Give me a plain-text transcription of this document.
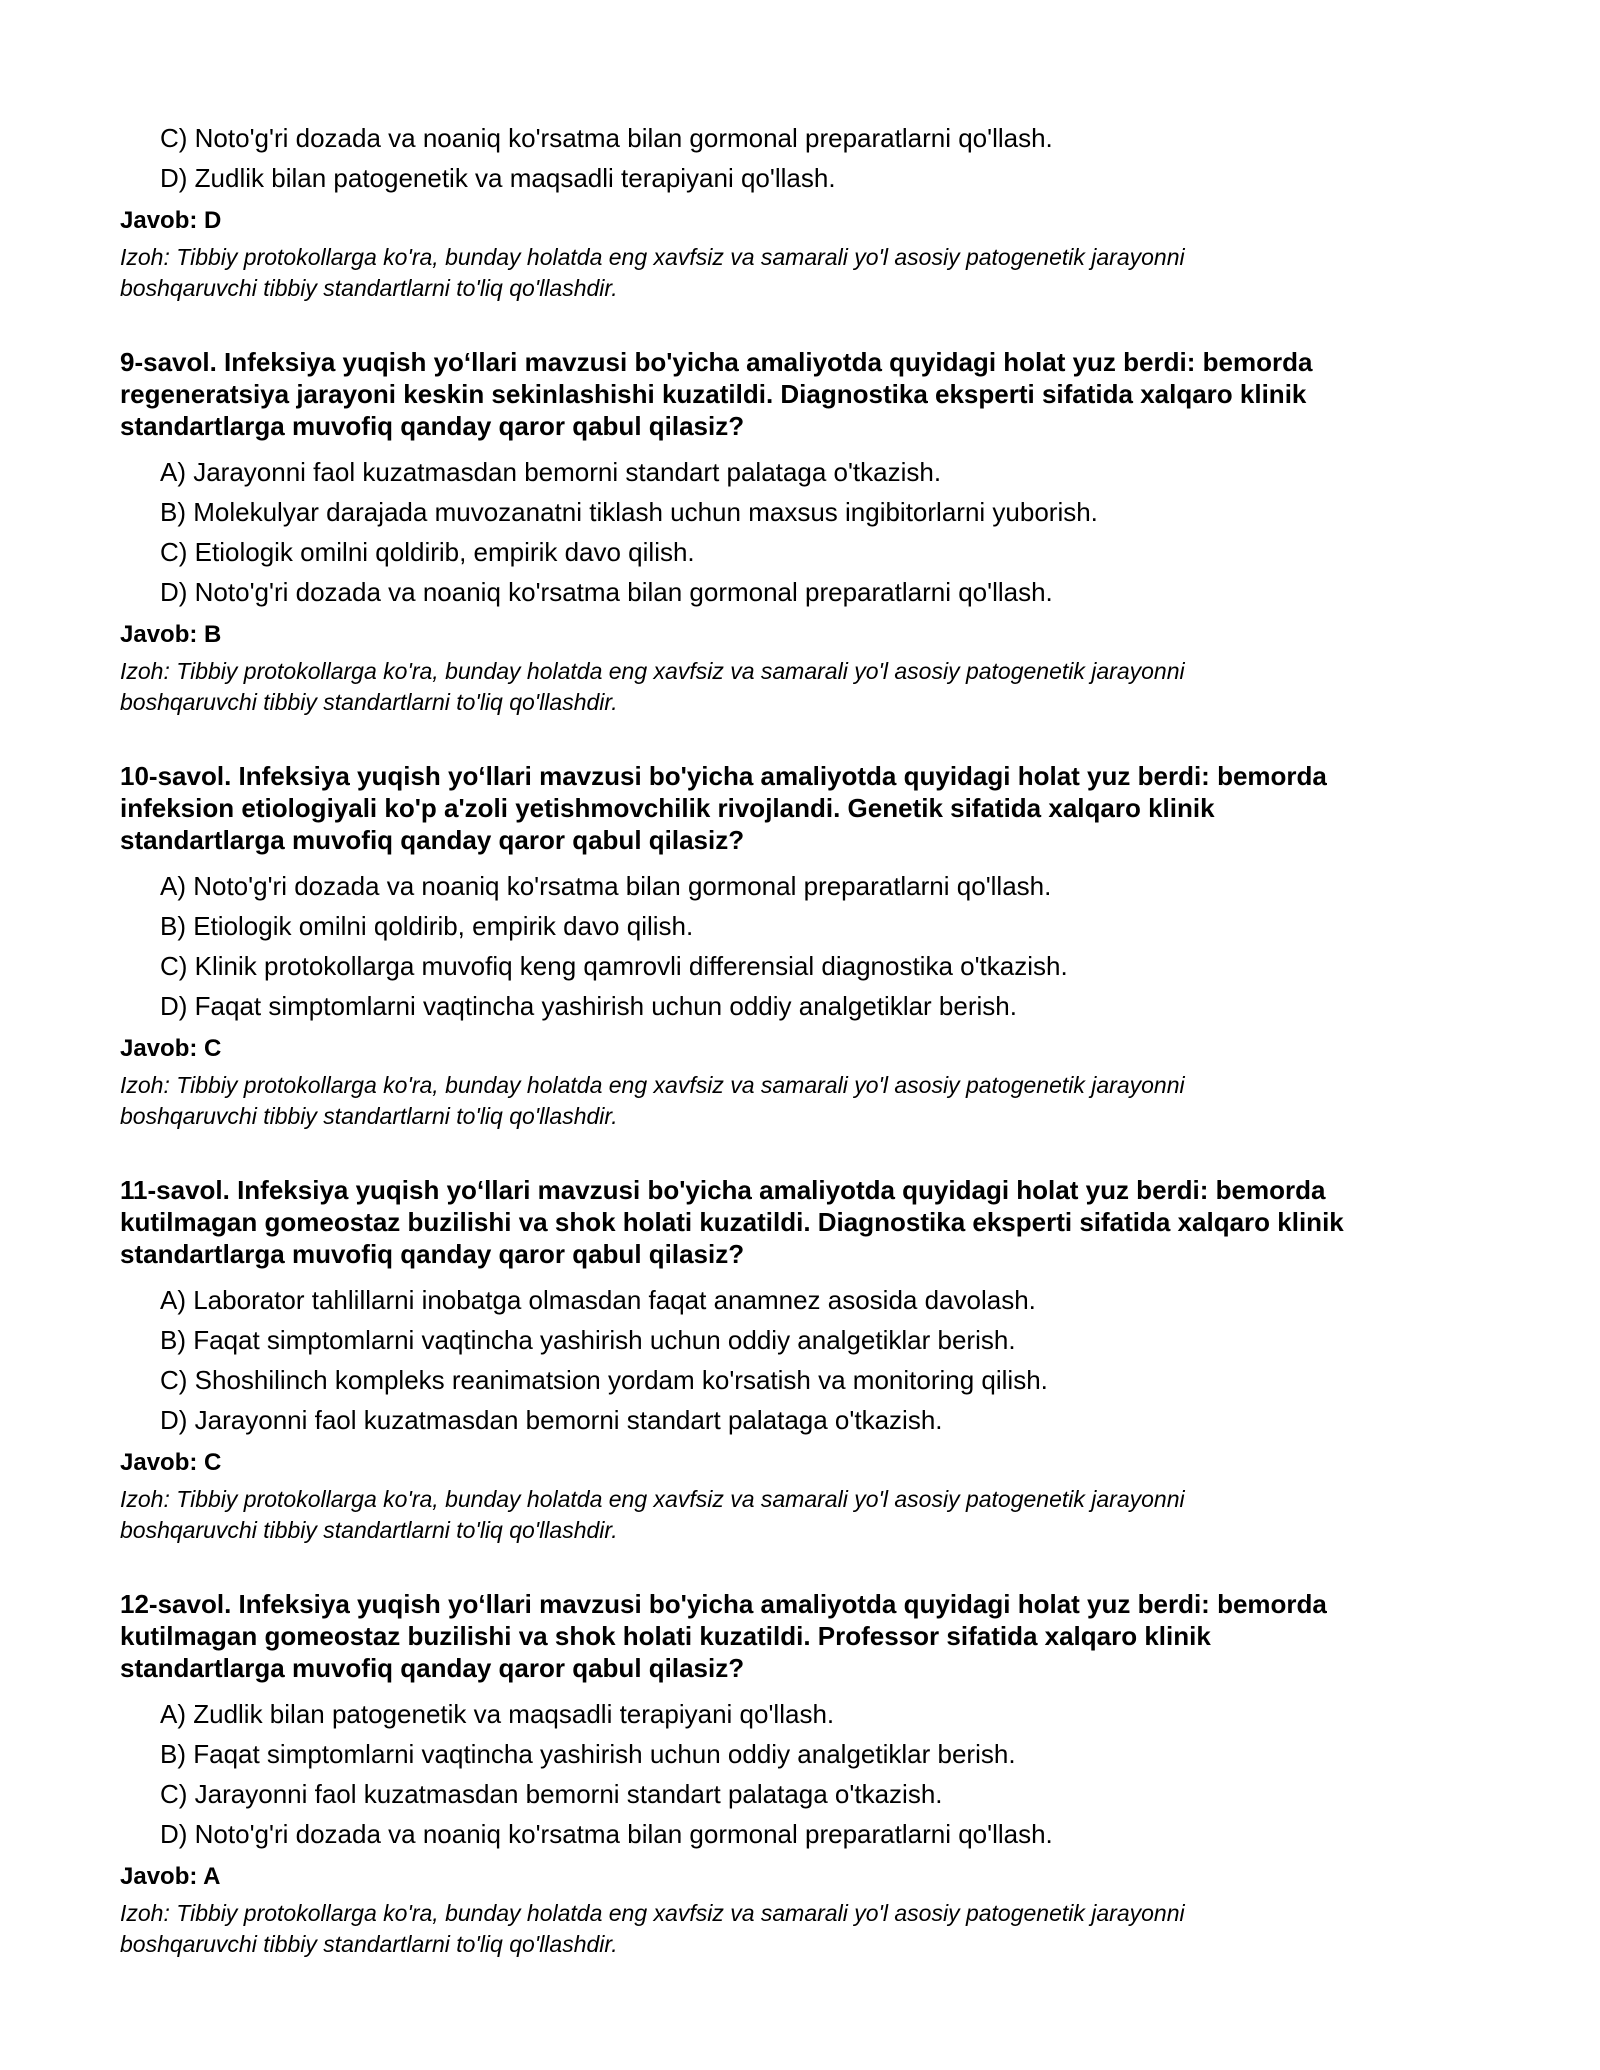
C) Noto'g'ri dozada va noaniq ko'rsatma bilan gormonal preparatlarni qo'llash.
D) Zudlik bilan patogenetik va maqsadli terapiyani qo'llash.
Javob: D
Izoh: Tibbiy protokollarga ko'ra, bunday holatda eng xavfsiz va samarali yo'l asosiy patogenetik jarayonni
boshqaruvchi tibbiy standartlarni to'liq qo'llashdir.
9-savol. Infeksiya yuqish yo‘llari mavzusi bo'yicha amaliyotda quyidagi holat yuz berdi: bemorda
regeneratsiya jarayoni keskin sekinlashishi kuzatildi. Diagnostika eksperti sifatida xalqaro klinik
standartlarga muvofiq qanday qaror qabul qilasiz?
A) Jarayonni faol kuzatmasdan bemorni standart palataga o'tkazish.
B) Molekulyar darajada muvozanatni tiklash uchun maxsus ingibitorlarni yuborish.
C) Etiologik omilni qoldirib, empirik davo qilish.
D) Noto'g'ri dozada va noaniq ko'rsatma bilan gormonal preparatlarni qo'llash.
Javob: B
Izoh: Tibbiy protokollarga ko'ra, bunday holatda eng xavfsiz va samarali yo'l asosiy patogenetik jarayonni
boshqaruvchi tibbiy standartlarni to'liq qo'llashdir.
10-savol. Infeksiya yuqish yo‘llari mavzusi bo'yicha amaliyotda quyidagi holat yuz berdi: bemorda
infeksion etiologiyali ko'p a'zoli yetishmovchilik rivojlandi. Genetik sifatida xalqaro klinik
standartlarga muvofiq qanday qaror qabul qilasiz?
A) Noto'g'ri dozada va noaniq ko'rsatma bilan gormonal preparatlarni qo'llash.
B) Etiologik omilni qoldirib, empirik davo qilish.
C) Klinik protokollarga muvofiq keng qamrovli differensial diagnostika o'tkazish.
D) Faqat simptomlarni vaqtincha yashirish uchun oddiy analgetiklar berish.
Javob: C
Izoh: Tibbiy protokollarga ko'ra, bunday holatda eng xavfsiz va samarali yo'l asosiy patogenetik jarayonni
boshqaruvchi tibbiy standartlarni to'liq qo'llashdir.
11-savol. Infeksiya yuqish yo‘llari mavzusi bo'yicha amaliyotda quyidagi holat yuz berdi: bemorda
kutilmagan gomeostaz buzilishi va shok holati kuzatildi. Diagnostika eksperti sifatida xalqaro klinik
standartlarga muvofiq qanday qaror qabul qilasiz?
A) Laborator tahlillarni inobatga olmasdan faqat anamnez asosida davolash.
B) Faqat simptomlarni vaqtincha yashirish uchun oddiy analgetiklar berish.
C) Shoshilinch kompleks reanimatsion yordam ko'rsatish va monitoring qilish.
D) Jarayonni faol kuzatmasdan bemorni standart palataga o'tkazish.
Javob: C
Izoh: Tibbiy protokollarga ko'ra, bunday holatda eng xavfsiz va samarali yo'l asosiy patogenetik jarayonni
boshqaruvchi tibbiy standartlarni to'liq qo'llashdir.
12-savol. Infeksiya yuqish yo‘llari mavzusi bo'yicha amaliyotda quyidagi holat yuz berdi: bemorda
kutilmagan gomeostaz buzilishi va shok holati kuzatildi. Professor sifatida xalqaro klinik
standartlarga muvofiq qanday qaror qabul qilasiz?
A) Zudlik bilan patogenetik va maqsadli terapiyani qo'llash.
B) Faqat simptomlarni vaqtincha yashirish uchun oddiy analgetiklar berish.
C) Jarayonni faol kuzatmasdan bemorni standart palataga o'tkazish.
D) Noto'g'ri dozada va noaniq ko'rsatma bilan gormonal preparatlarni qo'llash.
Javob: A
Izoh: Tibbiy protokollarga ko'ra, bunday holatda eng xavfsiz va samarali yo'l asosiy patogenetik jarayonni
boshqaruvchi tibbiy standartlarni to'liq qo'llashdir.
